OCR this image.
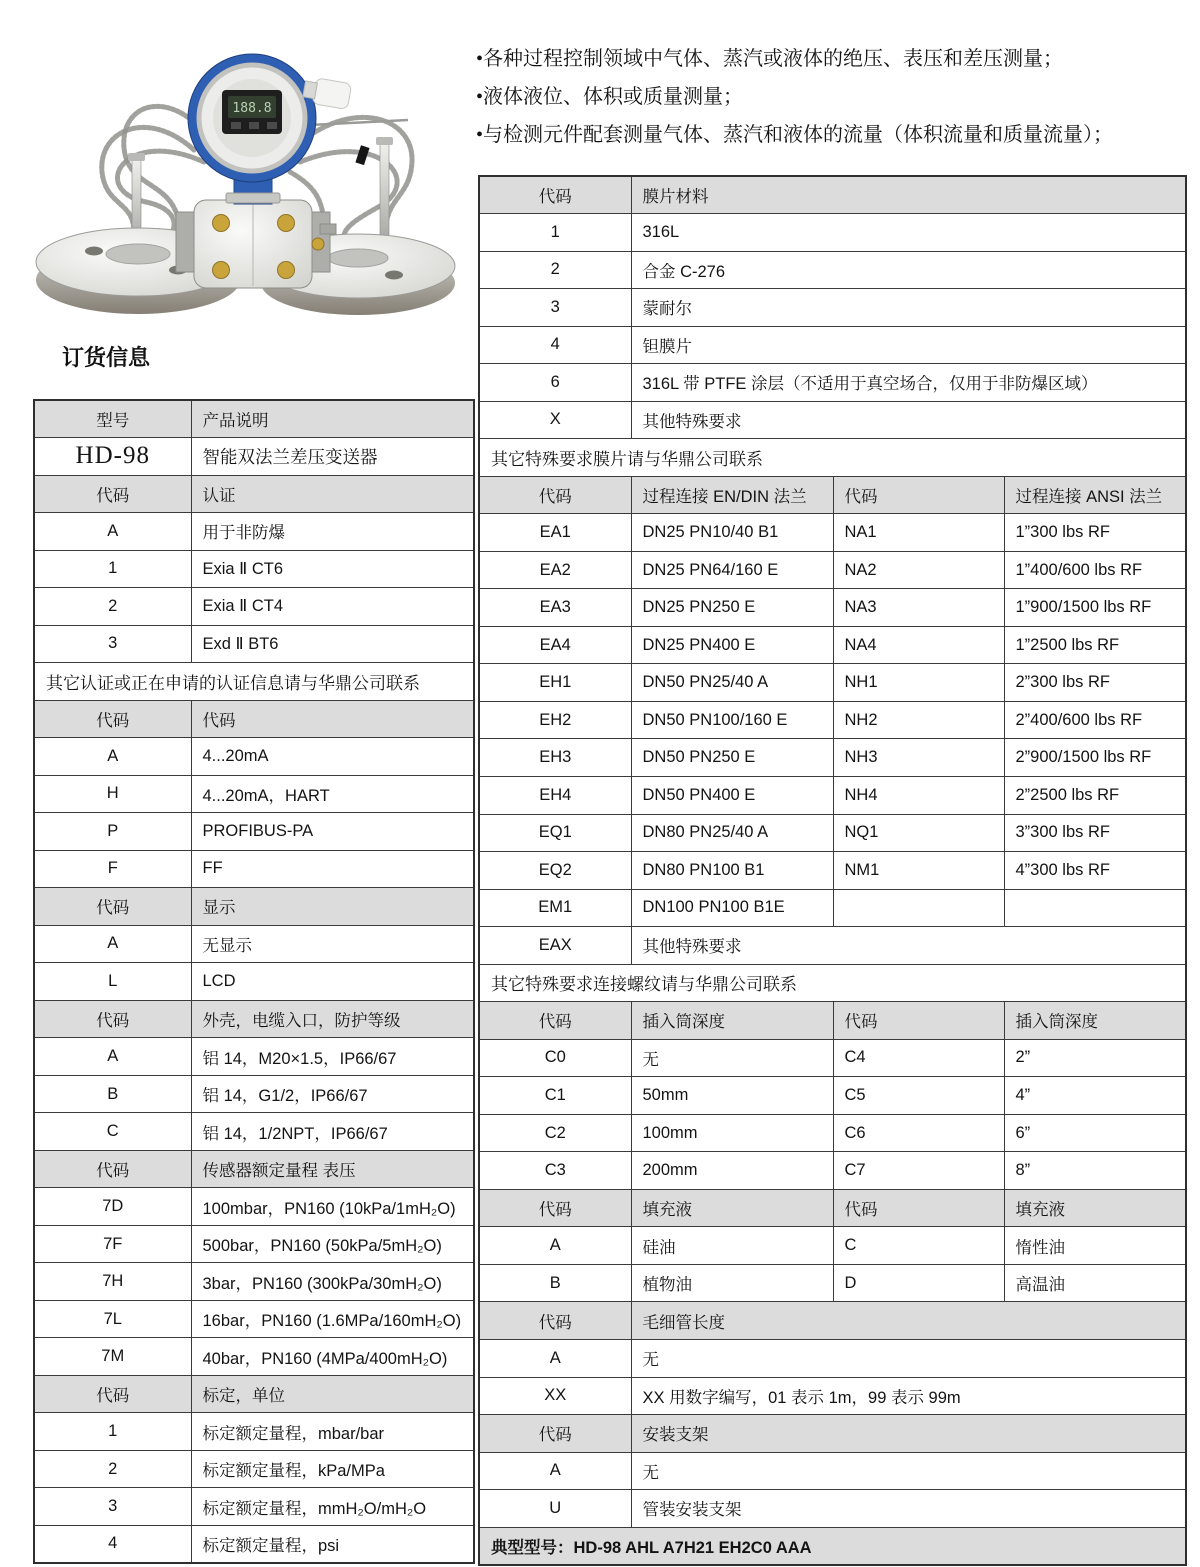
188.8
•各种过程控制领域中气体、蒸汽或液体的绝压、表压和差压测量；
•液体液位、体积或质量测量；
•与检测元件配套测量气体、蒸汽和液体的流量（体积流量和质量流量）；
订货信息
型号	产品说明
HD-98	智能双法兰差压变送器
代码	认证
A	用于非防爆
1	Exia Ⅱ CT6
2	Exia Ⅱ CT4
3	Exd Ⅱ BT6
其它认证或正在申请的认证信息请与华鼎公司联系	
代码	代码
A	4...20mA
H	4...20mA，HART
P	PROFIBUS-PA
F	FF
代码	显示
A	无显示
L	LCD
代码	外壳，电缆入口，防护等级
A	铝 14，M20×1.5，IP66/67
B	铝 14，G1/2，IP66/67
C	铝 14，1/2NPT，IP66/67
代码	传感器额定量程 表压
7D	100mbar，PN160 (10kPa/1mH₂O)
7F	500bar，PN160 (50kPa/5mH₂O)
7H	3bar，PN160 (300kPa/30mH₂O)
7L	16bar，PN160 (1.6MPa/160mH₂O)
7M	40bar，PN160 (4MPa/400mH₂O)
代码	标定，单位
1	标定额定量程，mbar/bar
2	标定额定量程，kPa/MPa
3	标定额定量程，mmH₂O/mH₂O
4	标定额定量程，psi
代码	膜片材料		
1	316L		
2	合金 C-276		
3	蒙耐尔		
4	钽膜片		
6	316L 带 PTFE 涂层（不适用于真空场合，仅用于非防爆区域）		
X	其他特殊要求		
其它特殊要求膜片请与华鼎公司联系			
代码	过程连接 EN/DIN 法兰	代码	过程连接 ANSI 法兰
EA1	DN25 PN10/40 B1	NA1	1”300 lbs RF
EA2	DN25 PN64/160 E	NA2	1”400/600 lbs RF
EA3	DN25 PN250 E	NA3	1”900/1500 lbs RF
EA4	DN25 PN400 E	NA4	1”2500 lbs RF
EH1	DN50 PN25/40 A	NH1	2”300 lbs RF
EH2	DN50 PN100/160 E	NH2	2”400/600 lbs RF
EH3	DN50 PN250 E	NH3	2”900/1500 lbs RF
EH4	DN50 PN400 E	NH4	2”2500 lbs RF
EQ1	DN80 PN25/40 A	NQ1	3”300 lbs RF
EQ2	DN80 PN100 B1	NM1	4”300 lbs RF
EM1	DN100 PN100 B1E		
EAX	其他特殊要求		
其它特殊要求连接螺纹请与华鼎公司联系			
代码	插入筒深度	代码	插入筒深度
C0	无	C4	2”
C1	50mm	C5	4”
C2	100mm	C6	6”
C3	200mm	C7	8”
代码	填充液	代码	填充液
A	硅油	C	惰性油
B	植物油	D	高温油
代码	毛细管长度		
A	无		
XX	XX 用数字编写，01 表示 1m，99 表示 99m		
代码	安装支架		
A	无		
U	管装安装支架		
典型型号：HD-98 AHL A7H21 EH2C0 AAA			
